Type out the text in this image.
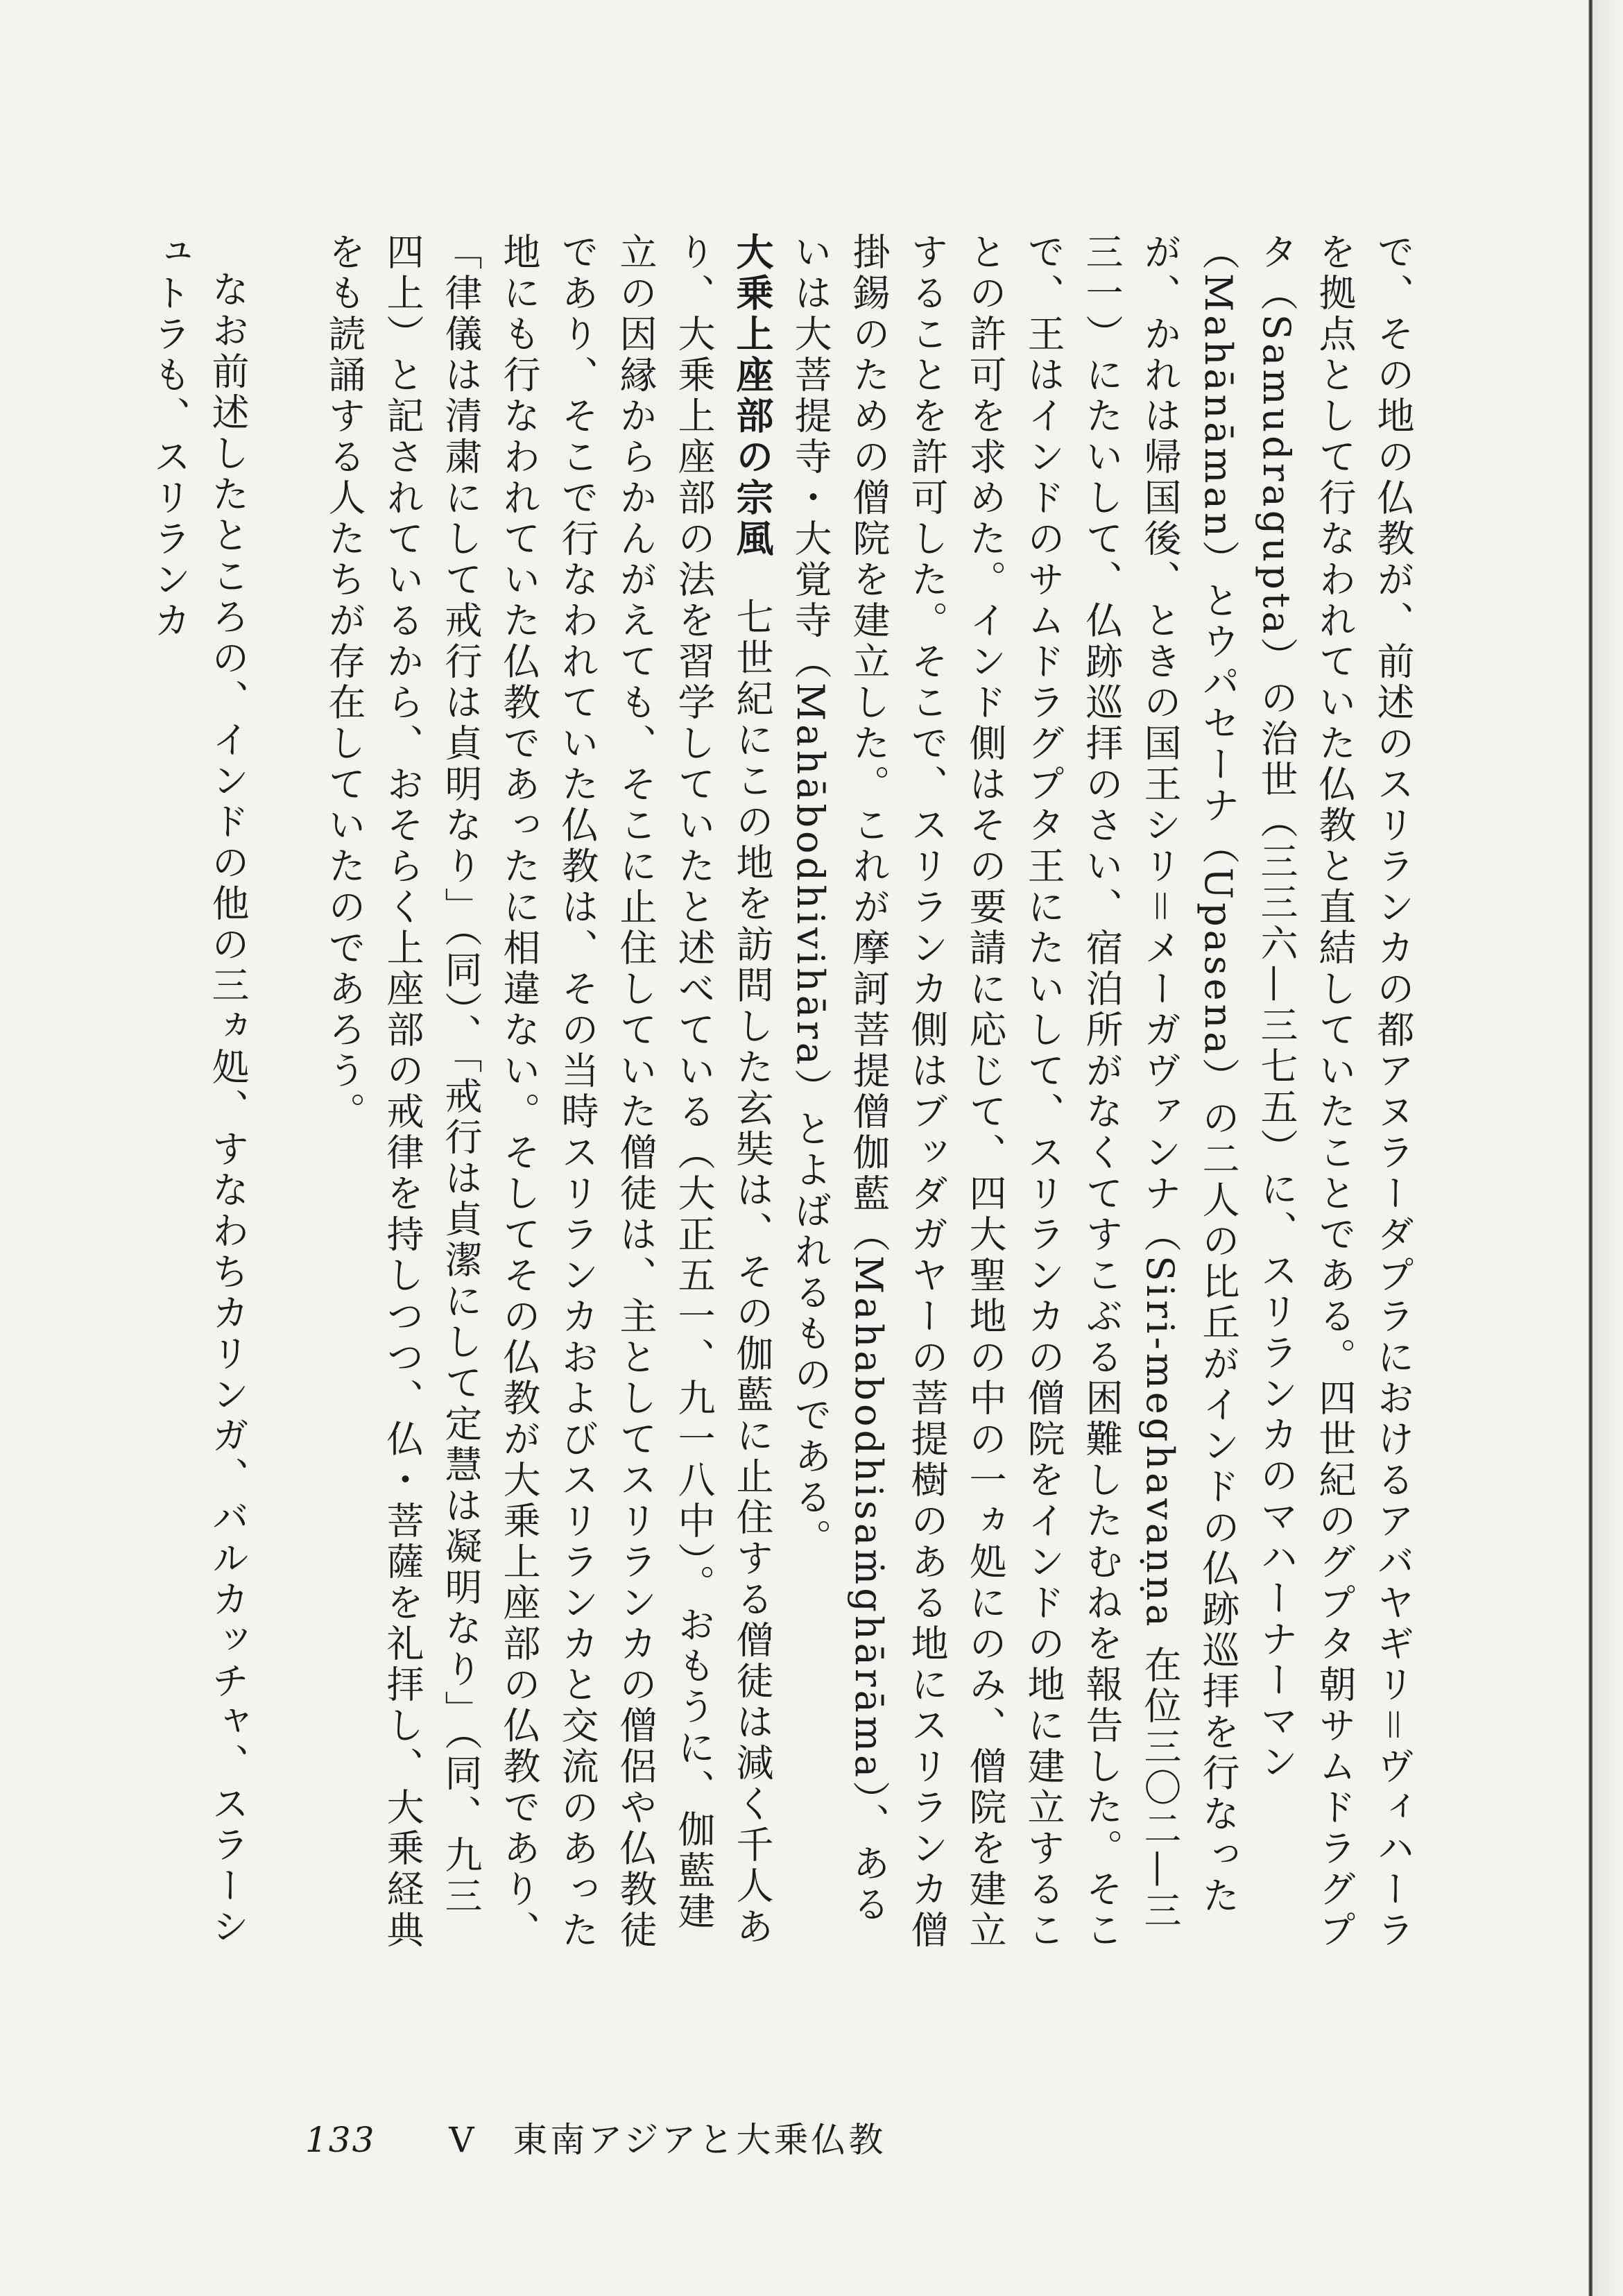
で、その地の仏教が、前述のスリランカの都アヌラーダプラにおけるアバヤギリ＝ヴィハーラを拠点として行なわれていた仏教と直結していたことである。四世紀のグプタ朝サムドラグプタ（Samudragupta）の治世（三三六—三七五）に、スリランカのマハーナーマン（Mahānāman）とウパセーナ（Upasena）の二人の比丘がインドの仏跡巡拝を行なったが、かれは帰国後、ときの国王シリ＝メーガヴァンナ（Siri-meghavaṇṇa 在位三〇二—三三一）にたいして、仏跡巡拝のさい、宿泊所がなくてすこぶる困難したむねを報告した。そこで、王はインドのサムドラグプタ王にたいして、スリランカの僧院をインドの地に建立することの許可を求めた。インド側はその要請に応じて、四大聖地の中の一ヵ処にのみ、僧院を建立することを許可した。そこで、スリランカ側はブッダガヤーの菩提樹のある地にスリランカ僧掛錫のための僧院を建立した。これが摩訶菩提僧伽藍（Mahabodhisaṁghārāma）、あるいは大菩提寺・大覚寺（Mahābodhivihāra）とよばれるものである。

大乗上座部の宗風七世紀にこの地を訪問した玄奘は、その伽藍に止住する僧徒は減く千人あり、大乗上座部の法を習学していたと述べている（大正五一、九一八中）。おもうに、伽藍建立の因縁からかんがえても、そこに止住していた僧徒は、主としてスリランカの僧侶や仏教徒であり、そこで行なわれていた仏教は、その当時スリランカおよびスリランカと交流のあった地にも行なわれていた仏教であったに相違ない。そしてその仏教が大乗上座部の仏教であり、「律儀は清粛にして戒行は貞明なり」（同）、「戒行は貞潔にして定慧は凝明なり」（同、九三四上）と記されているから、おそらく上座部の戒律を持しつつ、仏・菩薩を礼拝し、大乗経典をも読誦する人たちが存在していたのであろう。

なお前述したところの、インドの他の三ヵ処、すなわちカリンガ、バルカッチャ、スラーシュトラも、スリランカ

133 V 東南アジアと大乗仏教
